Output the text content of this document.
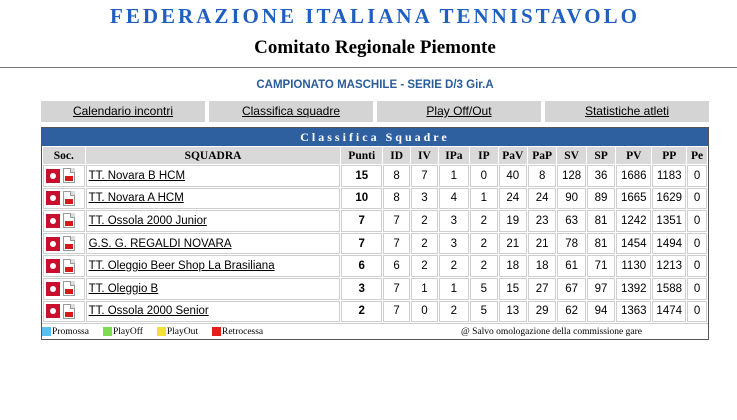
FEDERAZIONE ITALIANA TENNISTAVOLO
Comitato Regionale Piemonte
CAMPIONATO MASCHILE - SERIE D/3 Gir.A
Calendario incontri	Classifica squadre	Play Off/Out	Statistiche atleti
Classifica Squadre
Soc.	SQUADRA	Punti	ID	IV	IPa	IP	PaV	PaP	SV	SP	PV	PP	Pe
	TT. Novara B HCM	15	8	7	1	0	40	8	128	36	1686	1183	0
	TT. Novara A HCM	10	8	3	4	1	24	24	90	89	1665	1629	0
	TT. Ossola 2000 Junior	7	7	2	3	2	19	23	63	81	1242	1351	0
	G.S. G. REGALDI NOVARA	7	7	2	3	2	21	21	78	81	1454	1494	0
	TT. Oleggio Beer Shop La Brasiliana	6	6	2	2	2	18	18	61	71	1130	1213	0
	TT. Oleggio B	3	7	1	1	5	15	27	67	97	1392	1588	0
	TT. Ossola 2000 Senior	2	7	0	2	5	13	29	62	94	1363	1474	0
Promossa	PlayOff	PlayOut	Retrocessa	@ Salvo omologazione della commissione gare
